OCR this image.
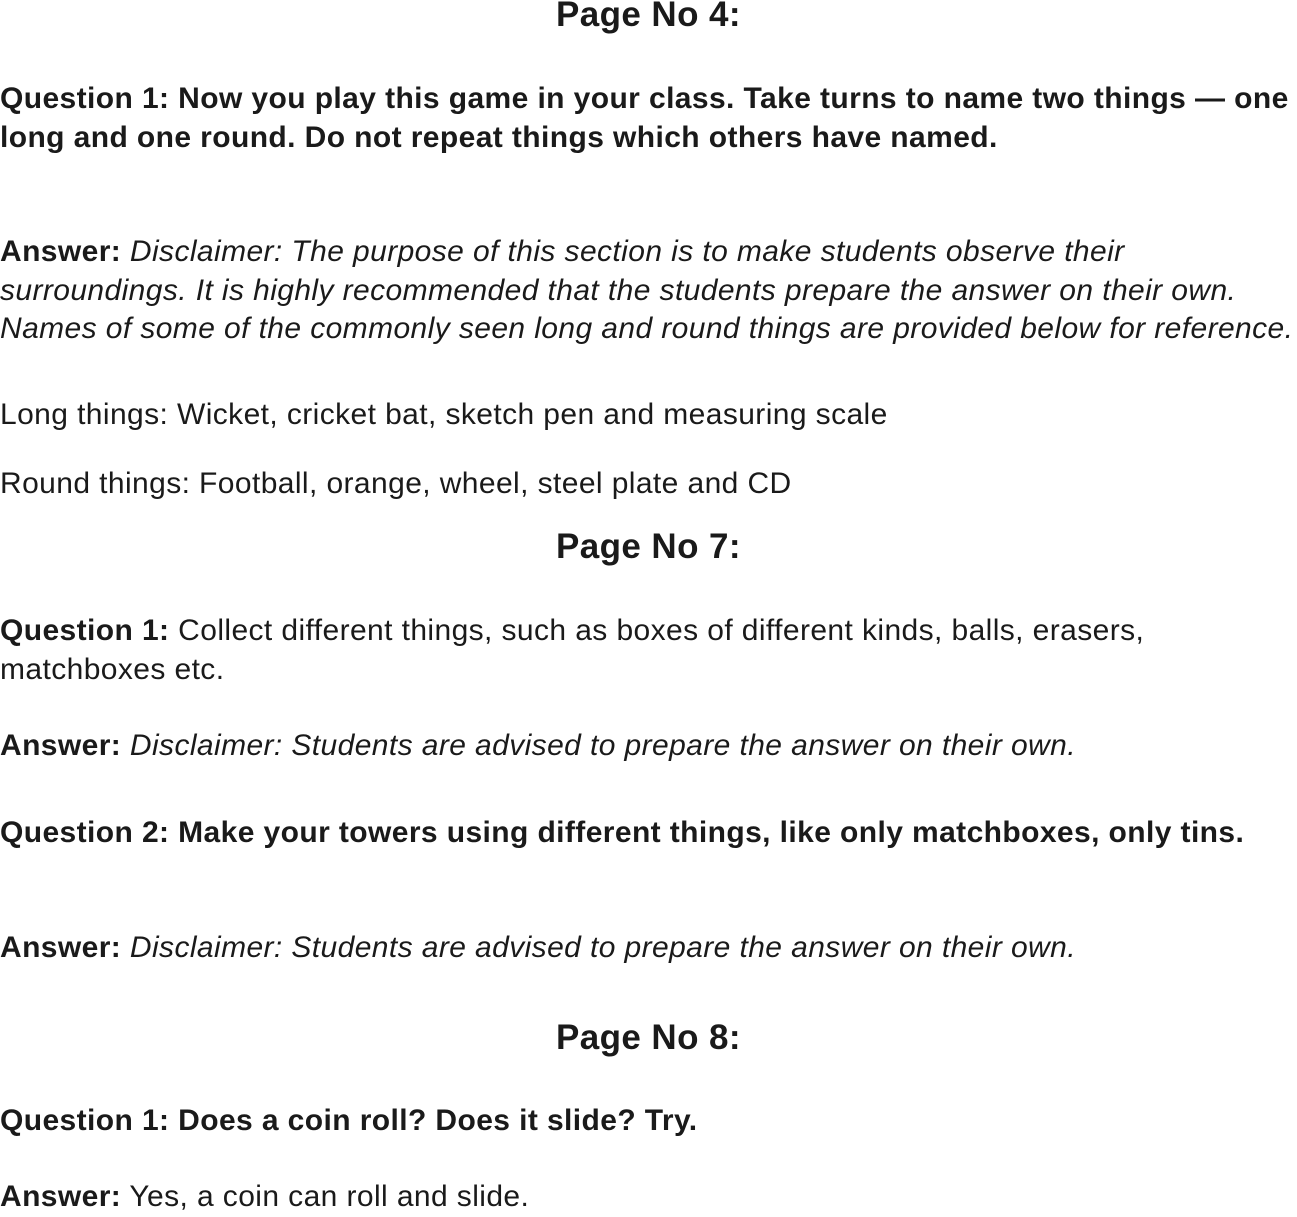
Page No 4:
Question 1: Now you play this game in your class. Take turns to name two things — one long and one round. Do not repeat things which others have named.
Answer: Disclaimer: The purpose of this section is to make students observe their surroundings. It is highly recommended that the students prepare the answer on their own. Names of some of the commonly seen long and round things are provided below for reference.
Long things: Wicket, cricket bat, sketch pen and measuring scale
Round things: Football, orange, wheel, steel plate and CD
Page No 7:
Question 1: Collect different things, such as boxes of different kinds, balls, erasers, matchboxes etc.
Answer: Disclaimer: Students are advised to prepare the answer on their own.
Question 2: Make your towers using different things, like only matchboxes, only tins.
Answer: Disclaimer: Students are advised to prepare the answer on their own.
Page No 8:
Question 1: Does a coin roll? Does it slide? Try.
Answer: Yes, a coin can roll and slide.
